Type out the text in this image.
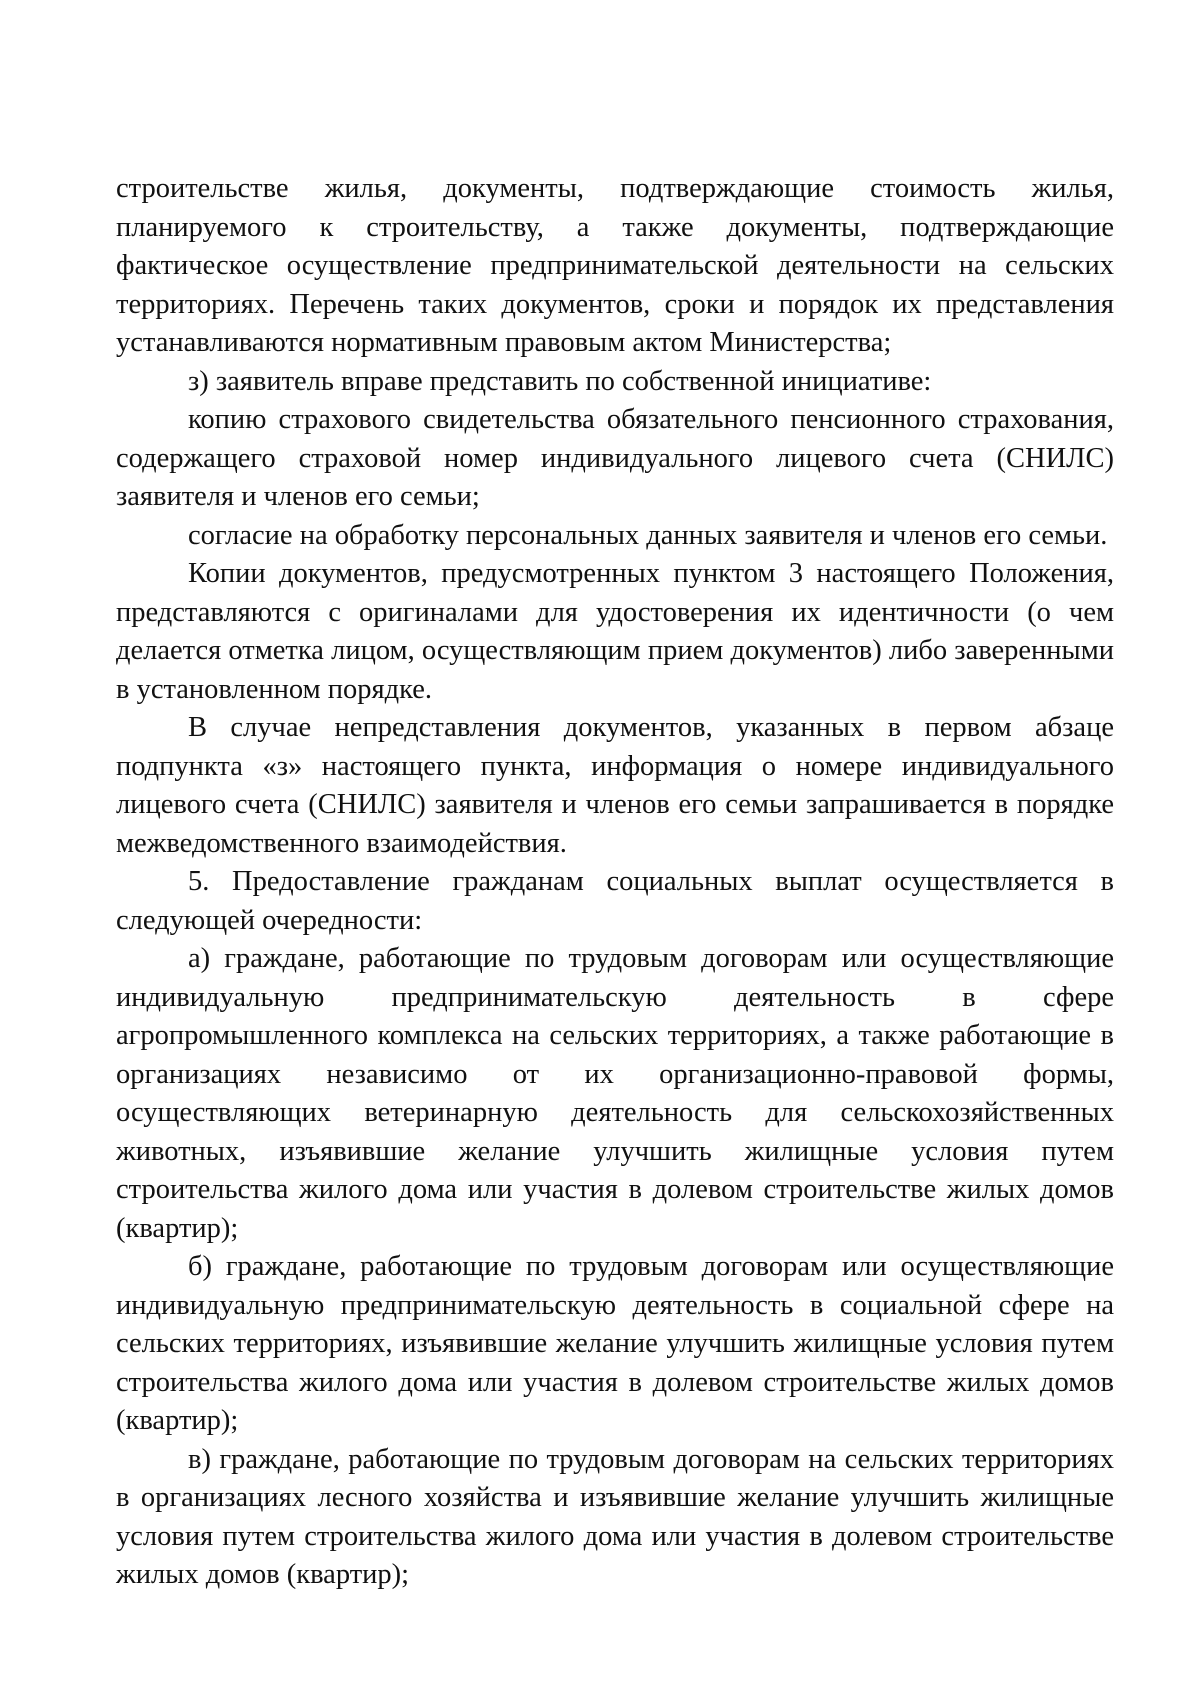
строительстве жилья, документы, подтверждающие стоимость жилья, планируемого к строительству, а также документы, подтверждающие фактическое осуществление предпринимательской деятельности на сельских территориях. Перечень таких документов, сроки и порядок их представления устанавливаются нормативным правовым актом Министерства;

з) заявитель вправе представить по собственной инициативе:

копию страхового свидетельства обязательного пенсионного страхования, содержащего страховой номер индивидуального лицевого счета (СНИЛС) заявителя и членов его семьи;

согласие на обработку персональных данных заявителя и членов его семьи.

Копии документов, предусмотренных пунктом 3 настоящего Положения, представляются с оригиналами для удостоверения их идентичности (о чем делается отметка лицом, осуществляющим прием документов) либо заверенными в установленном порядке.

В случае непредставления документов, указанных в первом абзаце подпункта «з» настоящего пункта, информация о номере индивидуального лицевого счета (СНИЛС) заявителя и членов его семьи запрашивается в порядке межведомственного взаимодействия.

5. Предоставление гражданам социальных выплат осуществляется в следующей очередности:

а) граждане, работающие по трудовым договорам или осуществляющие индивидуальную предпринимательскую деятельность в сфере агропромышленного комплекса на сельских территориях, а также работающие в организациях независимо от их организационно-правовой формы, осуществляющих ветеринарную деятельность для сельскохозяйственных животных, изъявившие желание улучшить жилищные условия путем строительства жилого дома или участия в долевом строительстве жилых домов (квартир);

б) граждане, работающие по трудовым договорам или осуществляющие индивидуальную предпринимательскую деятельность в социальной сфере на сельских территориях, изъявившие желание улучшить жилищные условия путем строительства жилого дома или участия в долевом строительстве жилых домов (квартир);

в) граждане, работающие по трудовым договорам на сельских территориях в организациях лесного хозяйства и изъявившие желание улучшить жилищные условия путем строительства жилого дома или участия в долевом строительстве жилых домов (квартир);
